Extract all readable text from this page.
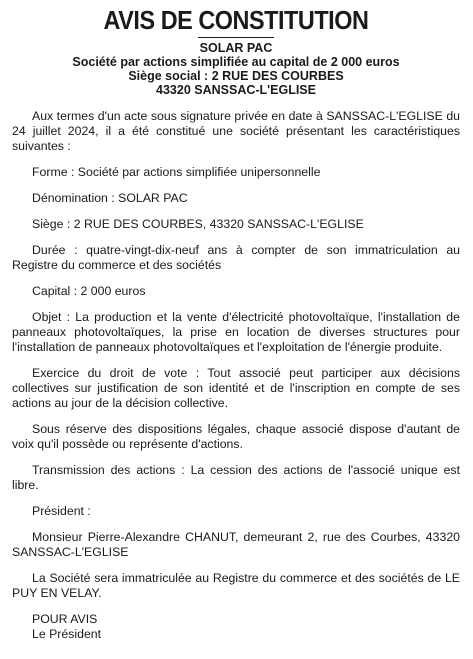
AVIS DE CONSTITUTION
SOLAR PAC
Société par actions simplifiée au capital de 2 000 euros
Siège social : 2 RUE DES COURBES
43320 SANSSAC-L'EGLISE

Aux termes d'un acte sous signature privée en date à SANSSAC-L'EGLISE du 24 juillet 2024, il a été constitué une société présentant les caractéristiques suivantes :

Forme : Société par actions simplifiée unipersonnelle

Dénomination : SOLAR PAC

Siège : 2 RUE DES COURBES, 43320 SANSSAC-L'EGLISE

Durée : quatre-vingt-dix-neuf ans à compter de son immatriculation au Registre du commerce et des sociétés

Capital : 2 000 euros

Objet : La production et la vente d'électricité photovoltaïque, l'installation de panneaux photovoltaïques, la prise en location de diverses structures pour l'installation de panneaux photovoltaïques et l'exploitation de l'énergie produite.

Exercice du droit de vote : Tout associé peut participer aux décisions collectives sur justification de son identité et de l'inscription en compte de ses actions au jour de la décision collective.

Sous réserve des dispositions légales, chaque associé dispose d'autant de voix qu'il possède ou représente d'actions.

Transmission des actions : La cession des actions de l'associé unique est libre.

Président :

Monsieur Pierre-Alexandre CHANUT, demeurant 2, rue des Courbes, 43320 SANSSAC-L'EGLISE

La Société sera immatriculée au Registre du commerce et des sociétés de LE PUY EN VELAY.

POUR AVIS
Le Président
